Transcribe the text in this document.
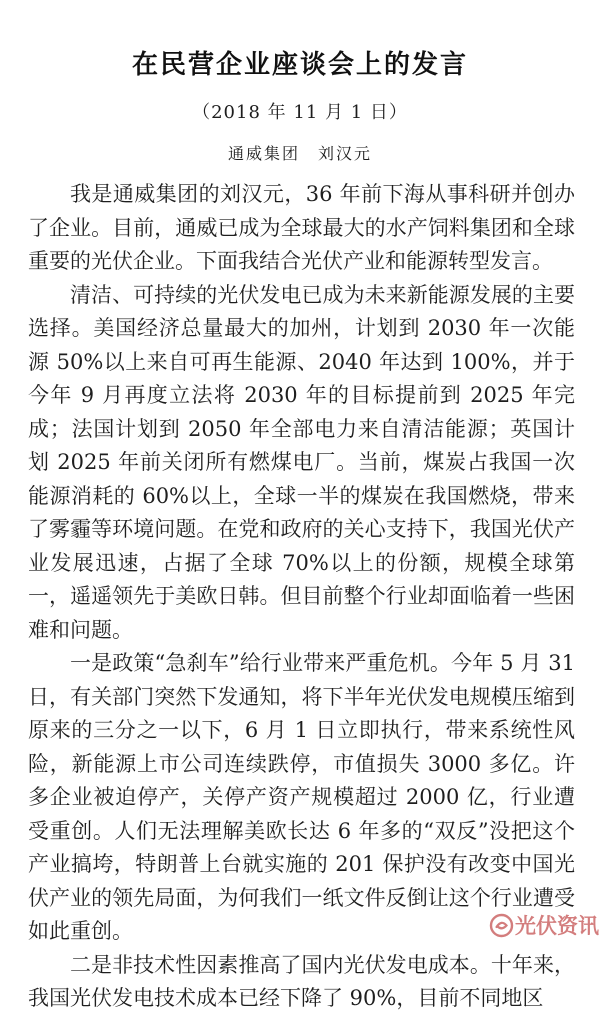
在民营企业座谈会上的发言
（2018 年 11 月 1 日）
通威集团　刘汉元

我是通威集团的刘汉元，36 年前下海从事科研并创办了企业。目前，通威已成为全球最大的水产饲料集团和全球重要的光伏企业。下面我结合光伏产业和能源转型发言。

清洁、可持续的光伏发电已成为未来新能源发展的主要选择。美国经济总量最大的加州，计划到 2030 年一次能源 50%以上来自可再生能源、2040 年达到 100%，并于今年 9 月再度立法将 2030 年的目标提前到 2025 年完成；法国计划到 2050 年全部电力来自清洁能源；英国计划 2025 年前关闭所有燃煤电厂。当前，煤炭占我国一次能源消耗的 60%以上，全球一半的煤炭在我国燃烧，带来了雾霾等环境问题。在党和政府的关心支持下，我国光伏产业发展迅速，占据了全球 70%以上的份额，规模全球第一，遥遥领先于美欧日韩。但目前整个行业却面临着一些困难和问题。

一是政策“急刹车”给行业带来严重危机。今年 5 月 31 日，有关部门突然下发通知，将下半年光伏发电规模压缩到原来的三分之一以下，6 月 1 日立即执行，带来系统性风险，新能源上市公司连续跌停，市值损失 3000 多亿。许多企业被迫停产，关停产资产规模超过 2000 亿，行业遭受重创。人们无法理解美欧长达 6 年多的“双反”没把这个产业搞垮，特朗普上台就实施的 201 保护没有改变中国光伏产业的领先局面，为何我们一纸文件反倒让这个行业遭受如此重创。

二是非技术性因素推高了国内光伏发电成本。十年来，我国光伏发电技术成本已经下降了 90%，目前不同地区

光伏资讯
